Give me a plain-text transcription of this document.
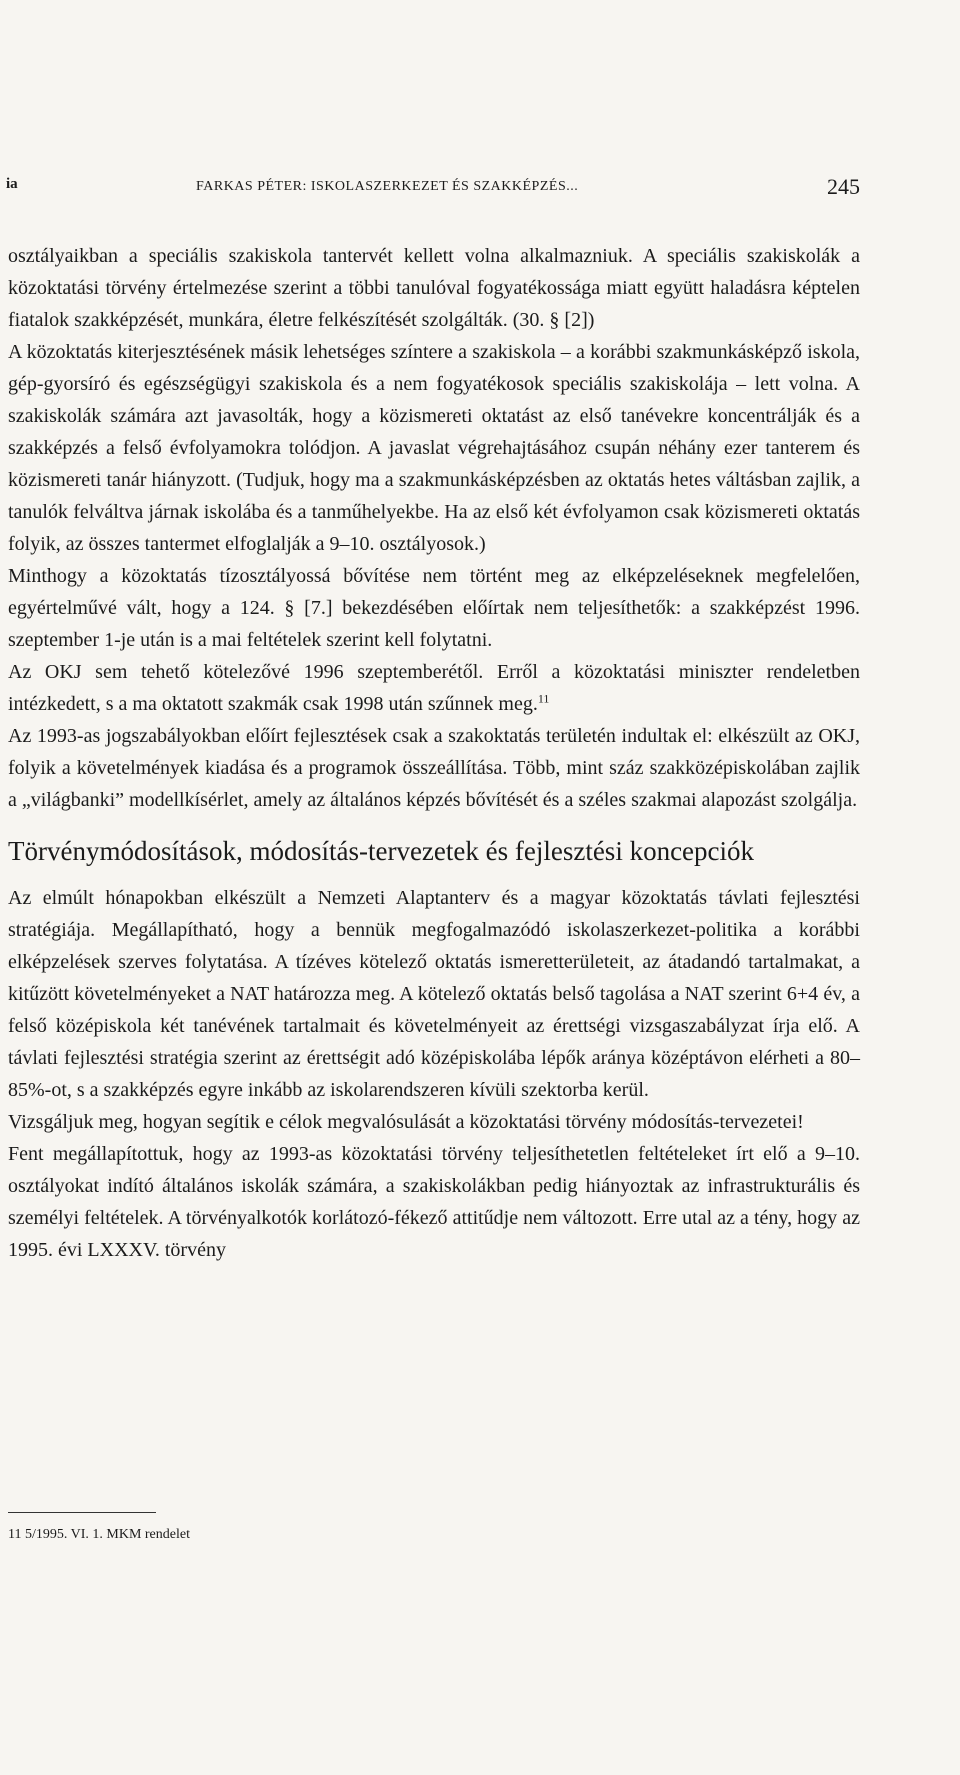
ia	FARKAS PÉTER: ISKOLASZERKEZET ÉS SZAKKÉPZÉS...	245

osztályaikban a speciális szakiskola tantervét kellett volna alkalmazniuk. A speciális szakiskolák a közoktatási törvény értelmezése szerint a többi tanulóval fogyatékossága miatt együtt haladásra képtelen fiatalok szakképzését, munkára, életre felkészítését szolgálták. (30. § [2])

A közoktatás kiterjesztésének másik lehetséges színtere a szakiskola – a korábbi szakmunkásképző iskola, gép-gyorsíró és egészségügyi szakiskola és a nem fogyatékosok speciális szakiskolája – lett volna. A szakiskolák számára azt javasolták, hogy a közismereti oktatást az első tanévekre koncentrálják és a szakképzés a felső évfolyamokra tolódjon. A javaslat végrehajtásához csupán néhány ezer tanterem és közismereti tanár hiányzott. (Tudjuk, hogy ma a szakmunkásképzésben az oktatás hetes váltásban zajlik, a tanulók felváltva járnak iskolába és a tanműhelyekbe. Ha az első két évfolyamon csak közismereti oktatás folyik, az összes tantermet elfoglalják a 9–10. osztályosok.)

Minthogy a közoktatás tízosztályossá bővítése nem történt meg az elképzeléseknek megfelelően, egyértelművé vált, hogy a 124. § [7.] bekezdésében előírtak nem teljesíthetők: a szakképzést 1996. szeptember 1-je után is a mai feltételek szerint kell folytatni.

Az OKJ sem tehető kötelezővé 1996 szeptemberétől. Erről a közoktatási miniszter rendeletben intézkedett, s a ma oktatott szakmák csak 1998 után szűnnek meg.$^{11}$

Az 1993-as jogszabályokban előírt fejlesztések csak a szakoktatás területén indultak el: elkészült az OKJ, folyik a követelmények kiadása és a programok összeállítása. Több, mint száz szakközépiskolában zajlik a „világbanki” modellkísérlet, amely az általános képzés bővítését és a széles szakmai alapozást szolgálja.

Törvénymódosítások, módosítás-tervezetek és fejlesztési koncepciók

Az elmúlt hónapokban elkészült a Nemzeti Alaptanterv és a magyar közoktatás távlati fejlesztési stratégiája. Megállapítható, hogy a bennük megfogalmazódó iskolaszerkezet-politika a korábbi elképzelések szerves folytatása. A tízéves kötelező oktatás ismeretterületeit, az átadandó tartalmakat, a kitűzött követelményeket a NAT határozza meg. A kötelező oktatás belső tagolása a NAT szerint 6+4 év, a felső középiskola két tanévének tartalmait és követelményeit az érettségi vizsgaszabályzat írja elő. A távlati fejlesztési stratégia szerint az érettségit adó középiskolába lépők aránya középtávon elérheti a 80–85%-ot, s a szakképzés egyre inkább az iskolarendszeren kívüli szektorba kerül.

Vizsgáljuk meg, hogyan segítik e célok megvalósulását a közoktatási törvény módosítás-tervezetei!

Fent megállapítottuk, hogy az 1993-as közoktatási törvény teljesíthetetlen feltételeket írt elő a 9–10. osztályokat indító általános iskolák számára, a szakiskolákban pedig hiányoztak az infrastrukturális és személyi feltételek. A törvényalkotók korlátozó-fékező attitűdje nem változott. Erre utal az a tény, hogy az 1995. évi LXXXV. törvény

11 5/1995. VI. 1. MKM rendelet
